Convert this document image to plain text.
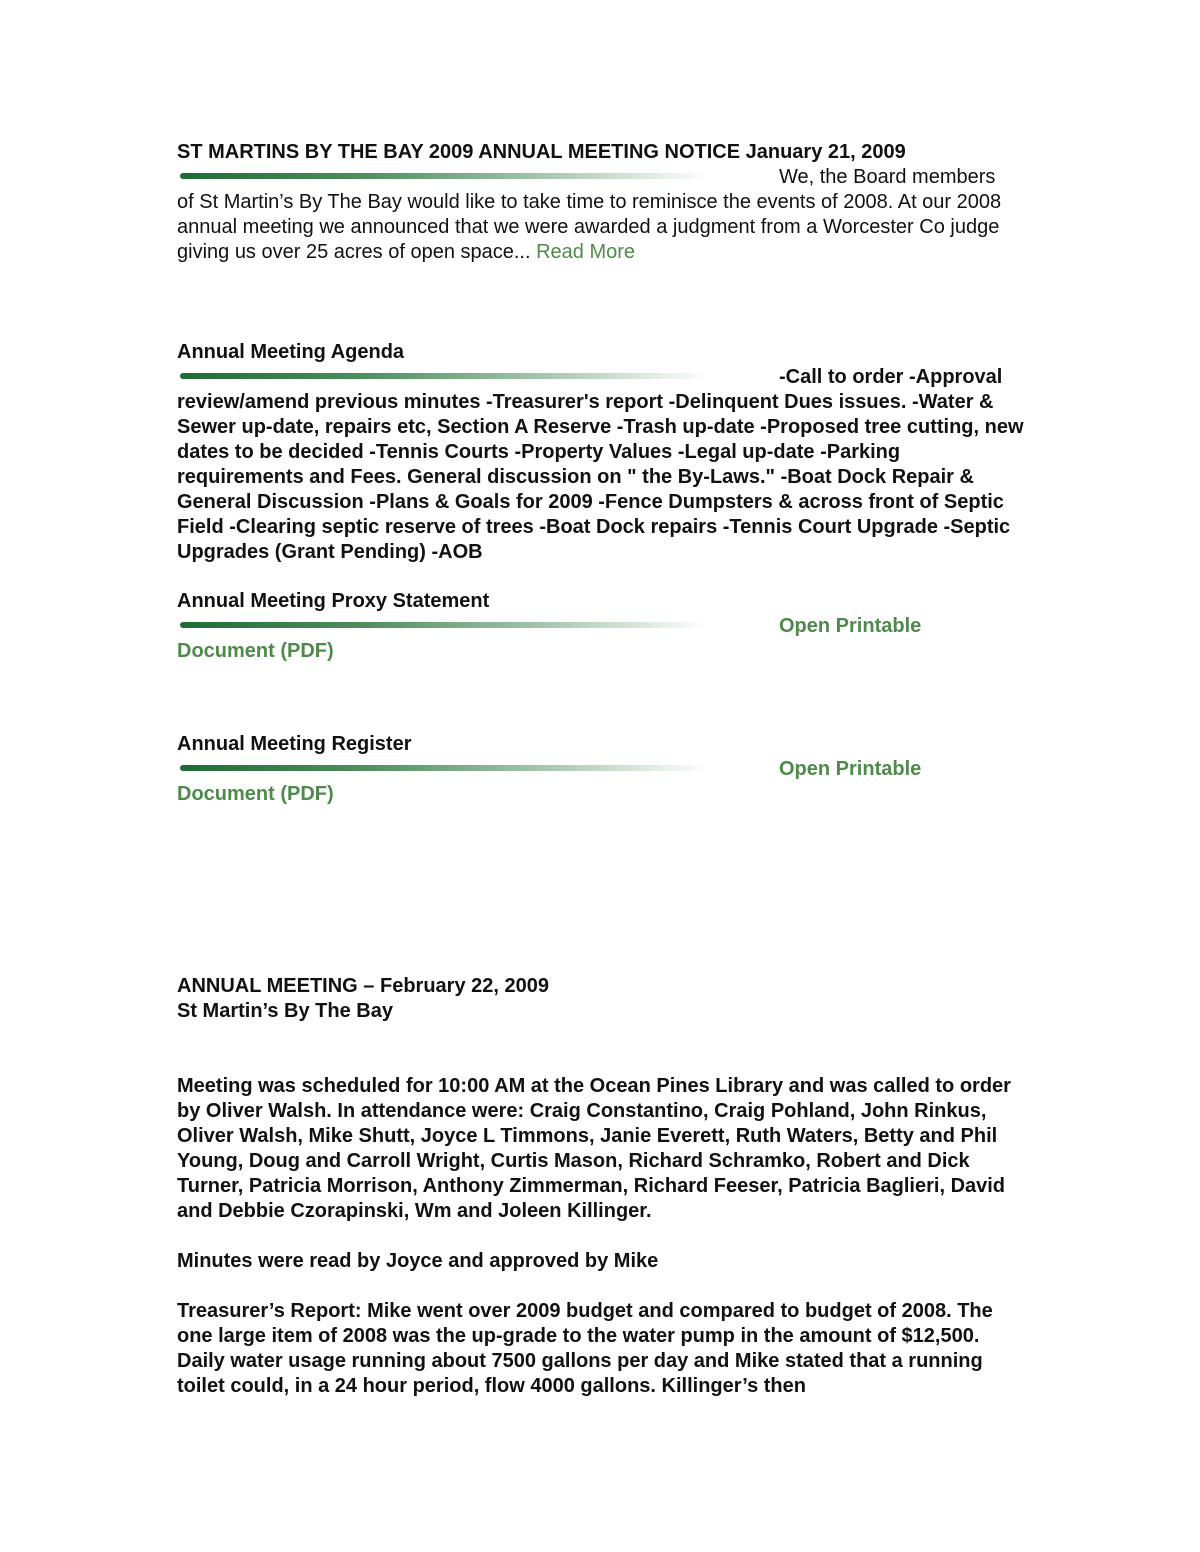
ST MARTINS BY THE BAY 2009 ANNUAL MEETING NOTICE January 21, 2009
We, the Board members
of St Martin’s By The Bay would like to take time to reminisce the events of 2008. At our 2008 annual meeting we announced that we were awarded a judgment from a Worcester Co judge giving us over 25 acres of open space... Read More
Annual Meeting Agenda
-Call to order -Approval
review/amend previous minutes -Treasurer's report -Delinquent Dues issues. -Water & Sewer up-date, repairs etc, Section A Reserve -Trash up-date -Proposed tree cutting, new dates to be decided -Tennis Courts -Property Values -Legal up-date -Parking requirements and Fees. General discussion on " the By-Laws." -Boat Dock Repair & General Discussion -Plans & Goals for 2009 -Fence Dumpsters & across front of Septic Field -Clearing septic reserve of trees -Boat Dock repairs -Tennis Court Upgrade -Septic Upgrades (Grant Pending) -AOB
Annual Meeting Proxy Statement
Open Printable
Document (PDF)
Annual Meeting Register
Open Printable
Document (PDF)
ANNUAL MEETING – February 22, 2009
St Martin’s By The Bay

Meeting was scheduled for 10:00 AM at the Ocean Pines Library and was called to order by Oliver Walsh. In attendance were: Craig Constantino, Craig Pohland, John Rinkus, Oliver Walsh, Mike Shutt, Joyce L Timmons, Janie Everett, Ruth Waters, Betty and Phil Young, Doug and Carroll Wright, Curtis Mason, Richard Schramko, Robert and Dick Turner, Patricia Morrison, Anthony Zimmerman, Richard Feeser, Patricia Baglieri, David and Debbie Czorapinski, Wm and Joleen Killinger.

Minutes were read by Joyce and approved by Mike

Treasurer’s Report: Mike went over 2009 budget and compared to budget of 2008. The one large item of 2008 was the up-grade to the water pump in the amount of $12,500. Daily water usage running about 7500 gallons per day and Mike stated that a running toilet could, in a 24 hour period, flow 4000 gallons. Killinger’s then
